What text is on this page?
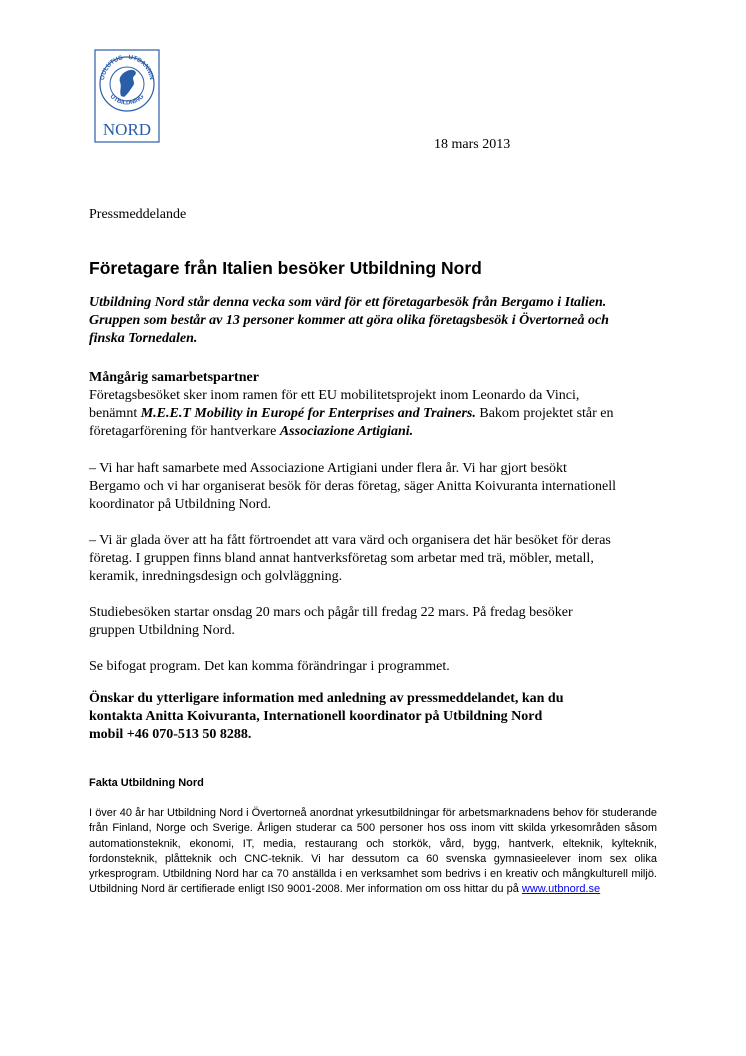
OULUTUS · UTDANNIN
UTBILDNING
NORD
18 mars 2013

Pressmeddelande

Företagare från Italien besöker Utbildning Nord

Utbildning Nord står denna vecka som värd för ett företagarbesök från Bergamo i Italien.
Gruppen som består av 13 personer kommer att göra olika företagsbesök i Övertorneå och
finska Tornedalen.

Mångårig samarbetspartner

Företagsbesöket sker inom ramen för ett EU mobilitetsprojekt inom Leonardo da Vinci,
benämnt M.E.E.T Mobility in Europé for Enterprises and Trainers. Bakom projektet står en
företagarförening för hantverkare Associazione Artigiani.

– Vi har haft samarbete med Associazione Artigiani under flera år. Vi har gjort besökt
Bergamo och vi har organiserat besök för deras företag, säger Anitta Koivuranta internationell
koordinator på Utbildning Nord.

– Vi är glada över att ha fått förtroendet att vara värd och organisera det här besöket för deras
företag. I gruppen finns bland annat hantverksföretag som arbetar med trä, möbler, metall,
keramik, inredningsdesign och golvläggning.

Studiebesöken startar onsdag 20 mars och pågår till fredag 22 mars. På fredag besöker
gruppen Utbildning Nord.

Se bifogat program. Det kan komma förändringar i programmet.

Önskar du ytterligare information med anledning av pressmeddelandet, kan du
kontakta Anitta Koivuranta, Internationell koordinator på Utbildning Nord
mobil +46 070-513 50 8288.

Fakta Utbildning Nord

I över 40 år har Utbildning Nord i Övertorneå anordnat yrkesutbildningar för arbetsmarknadens behov för studerande från Finland, Norge och Sverige. Årligen studerar ca 500 personer hos oss inom vitt skilda yrkesområden såsom automationsteknik, ekonomi, IT, media, restaurang och storkök, vård, bygg, hantverk, elteknik, kylteknik, fordonsteknik, plåtteknik och CNC-teknik. Vi har dessutom ca 60 svenska gymnasieelever inom sex olika yrkesprogram. Utbildning Nord har ca 70 anställda i en verksamhet som bedrivs i en kreativ och mångkulturell miljö. Utbildning Nord är certifierade enligt IS0 9001-2008. Mer information om oss hittar du på www.utbnord.se
